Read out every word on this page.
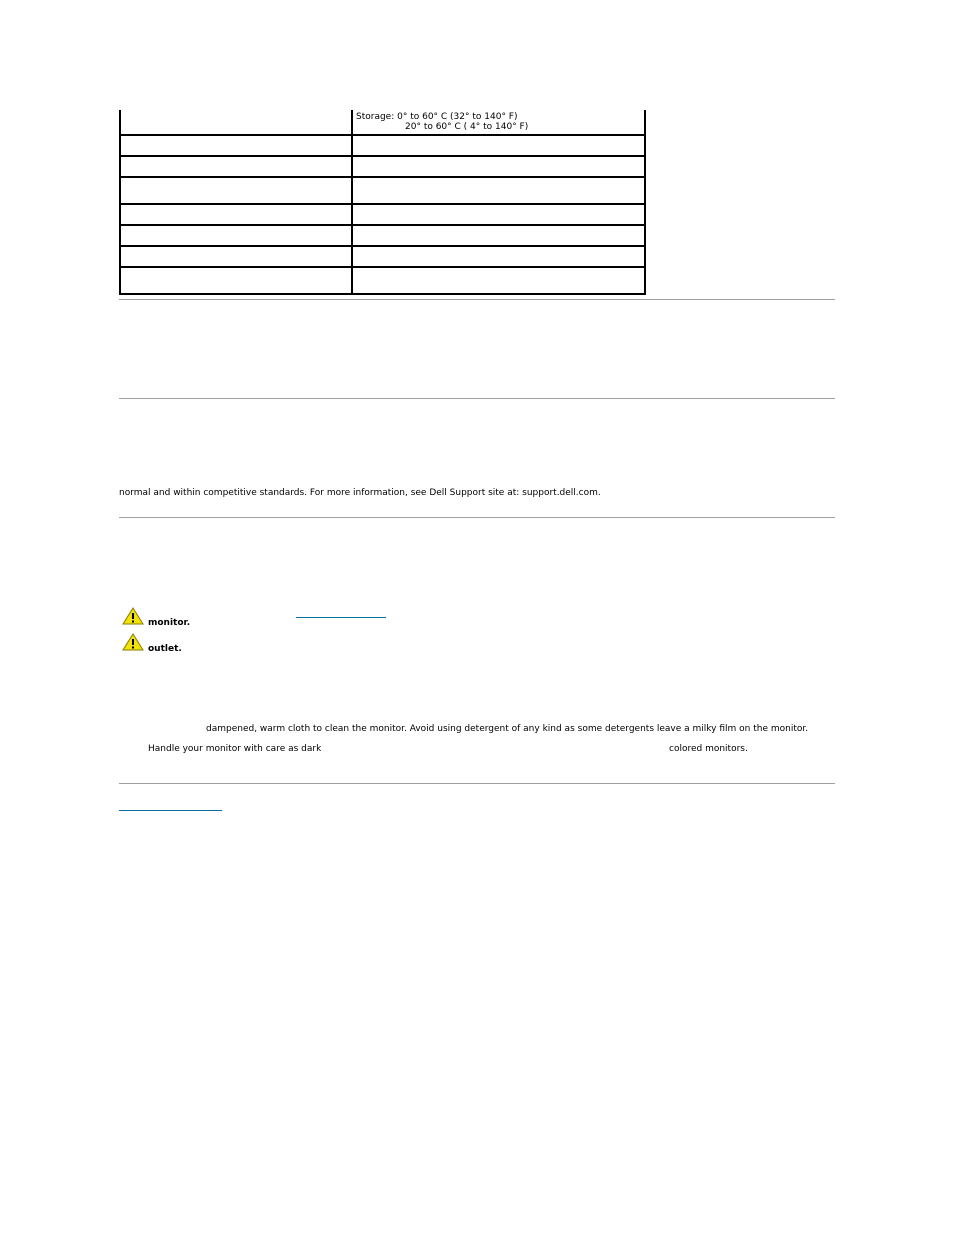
	Storage: 0° to 60° C (32° to 140° F)
20° to 60° C ( 4° to 140° F)

normal and within competitive standards. For more information, see Dell Support site at: support.dell.com.
monitor.
outlet.
dampened, warm cloth to clean the monitor. Avoid using detergent of any kind as some detergents leave a milky film on the monitor.
Handle your monitor with care as dark	colored monitors.
